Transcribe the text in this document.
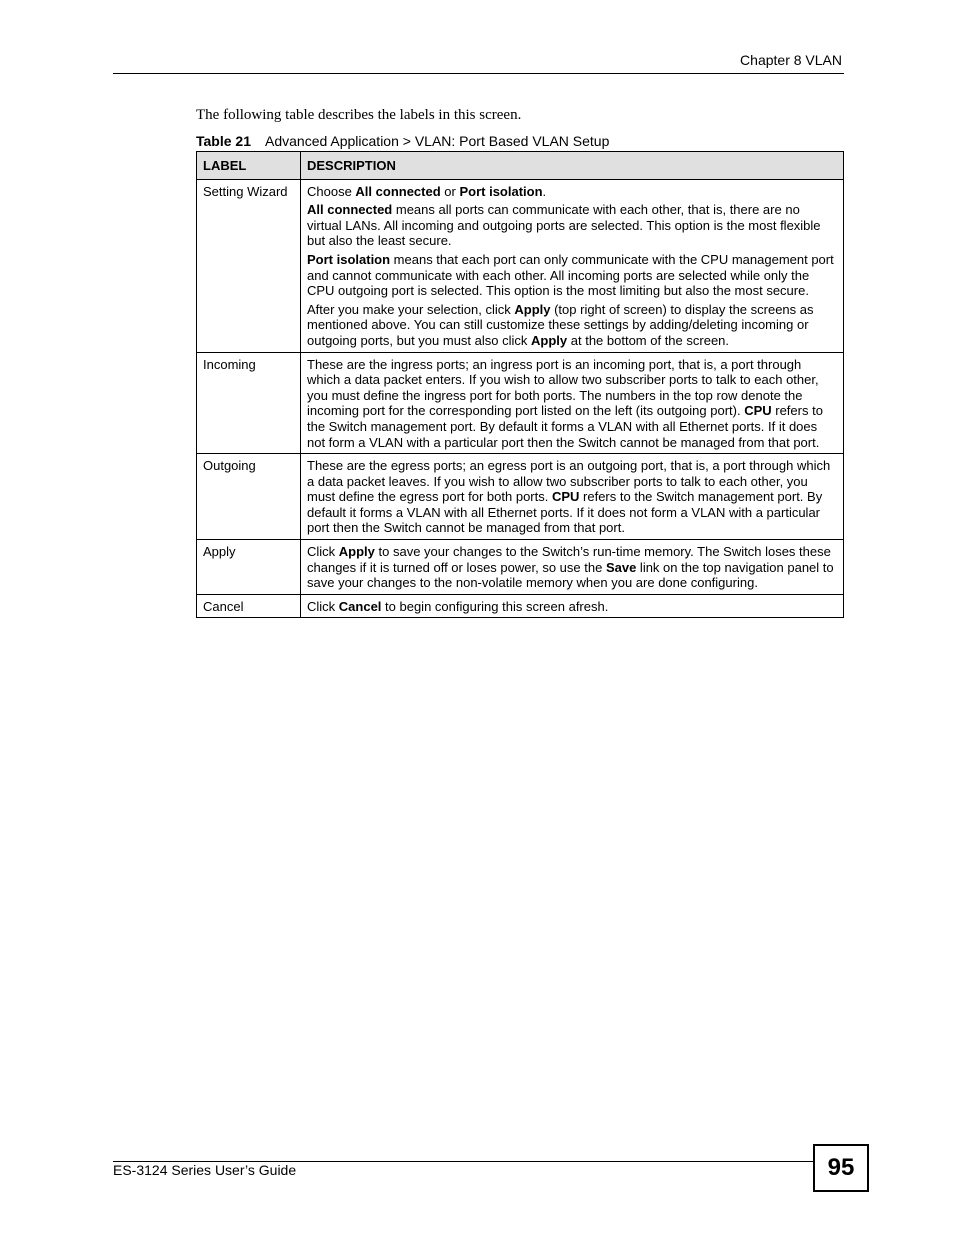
Chapter 8 VLAN
The following table describes the labels in this screen.
Table 21 Advanced Application > VLAN: Port Based VLAN Setup
LABEL	DESCRIPTION
Setting Wizard	Choose All connected or Port isolation.

All connected means all ports can communicate with each other, that is, there are no virtual LANs. All incoming and outgoing ports are selected. This option is the most flexible but also the least secure.

Port isolation means that each port can only communicate with the CPU management port and cannot communicate with each other. All incoming ports are selected while only the CPU outgoing port is selected. This option is the most limiting but also the most secure.

After you make your selection, click Apply (top right of screen) to display the screens as mentioned above. You can still customize these settings by adding/deleting incoming or outgoing ports, but you must also click Apply at the bottom of the screen.

Incoming	These are the ingress ports; an ingress port is an incoming port, that is, a port through which a data packet enters. If you wish to allow two subscriber ports to talk to each other, you must define the ingress port for both ports. The numbers in the top row denote the incoming port for the corresponding port listed on the left (its outgoing port). CPU refers to the Switch management port. By default it forms a VLAN with all Ethernet ports. If it does not form a VLAN with a particular port then the Switch cannot be managed from that port.

Outgoing	These are the egress ports; an egress port is an outgoing port, that is, a port through which a data packet leaves. If you wish to allow two subscriber ports to talk to each other, you must define the egress port for both ports. CPU refers to the Switch management port. By default it forms a VLAN with all Ethernet ports. If it does not form a VLAN with a particular port then the Switch cannot be managed from that port.

Apply	Click Apply to save your changes to the Switch’s run-time memory. The Switch loses these changes if it is turned off or loses power, so use the Save link on the top navigation panel to save your changes to the non-volatile memory when you are done configuring.

Cancel	Click Cancel to begin configuring this screen afresh.

ES-3124 Series User’s Guide	95
